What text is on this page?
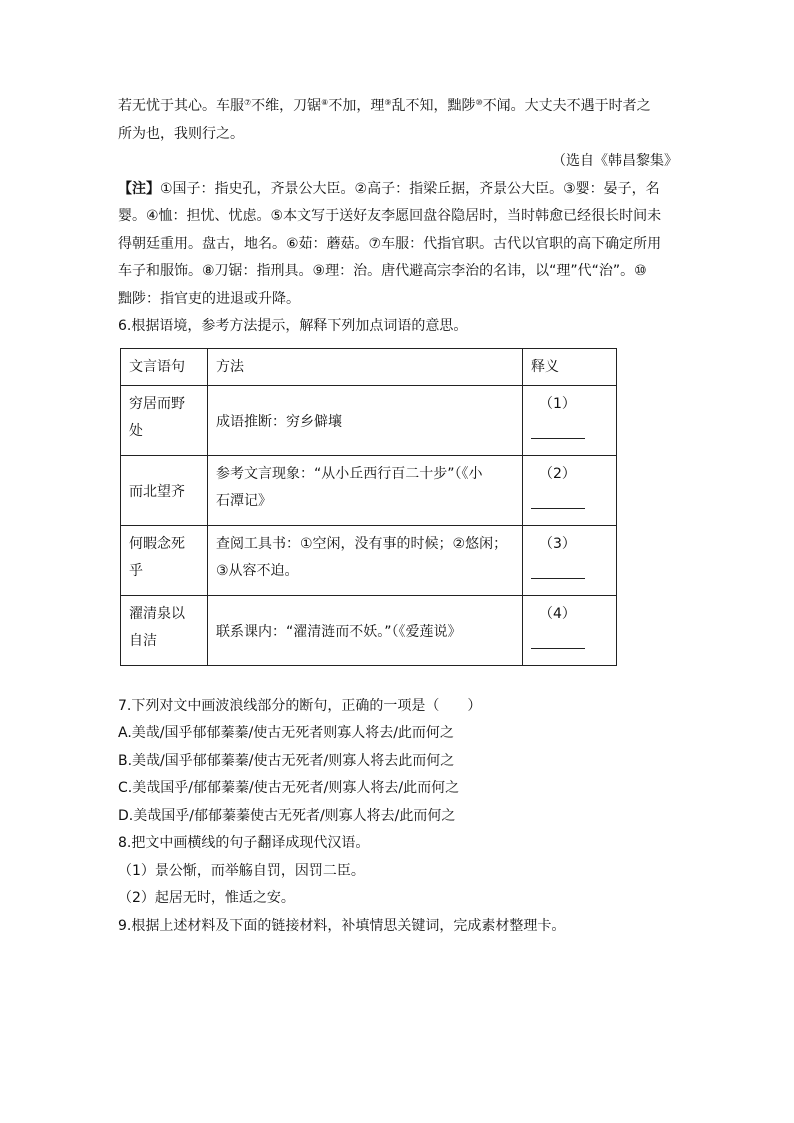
若无忧于其心。车服⑦不维，刀锯⑧不加，理⑨乱不知，黜陟⑩不闻。大丈夫不遇于时者之

所为也，我则行之。

（选自《韩昌黎集》

【注】①国子：指史孔，齐景公大臣。②高子：指梁丘据，齐景公大臣。③婴：晏子，名

婴。④恤：担忧、忧虑。⑤本文写于送好友李愿回盘谷隐居时，当时韩愈已经很长时间未

得朝廷重用。盘古，地名。⑥茹：蘑菇。⑦车服：代指官职。古代以官职的高下确定所用

车子和服饰。⑧刀锯：指刑具。⑨理：治。唐代避高宗李治的名讳，以“理”代“治”。⑩

黜陟：指官吏的进退或升降。

6.根据语境，参考方法提示，解释下列加点词语的意思。

文言语句	方法	释义
穷居而野
处	成语推断：穷乡僻壤	（1）

而北望齐	参考文言现象：“从小丘西行百二十步”（《小
石潭记》	（2）

何暇念死
乎	查阅工具书：①空闲，没有事的时候；②悠闲；
③从容不迫。	（3）

濯清泉以
自洁	联系课内：“濯清涟而不妖。”（《爱莲说》	（4）

7.下列对文中画波浪线部分的断句，正确的一项是（　　）

A.美哉/国乎郁郁蓁蓁/使古无死者则寡人将去/此而何之

B.美哉/国乎郁郁蓁蓁/使古无死者/则寡人将去此而何之

C.美哉国乎/郁郁蓁蓁/使古无死者/则寡人将去/此而何之

D.美哉国乎/郁郁蓁蓁使古无死者/则寡人将去/此而何之

8.把文中画横线的句子翻译成现代汉语。

（1）景公惭，而举觞自罚，因罚二臣。

（2）起居无时，惟适之安。

9.根据上述材料及下面的链接材料，补填情思关键词，完成素材整理卡。
